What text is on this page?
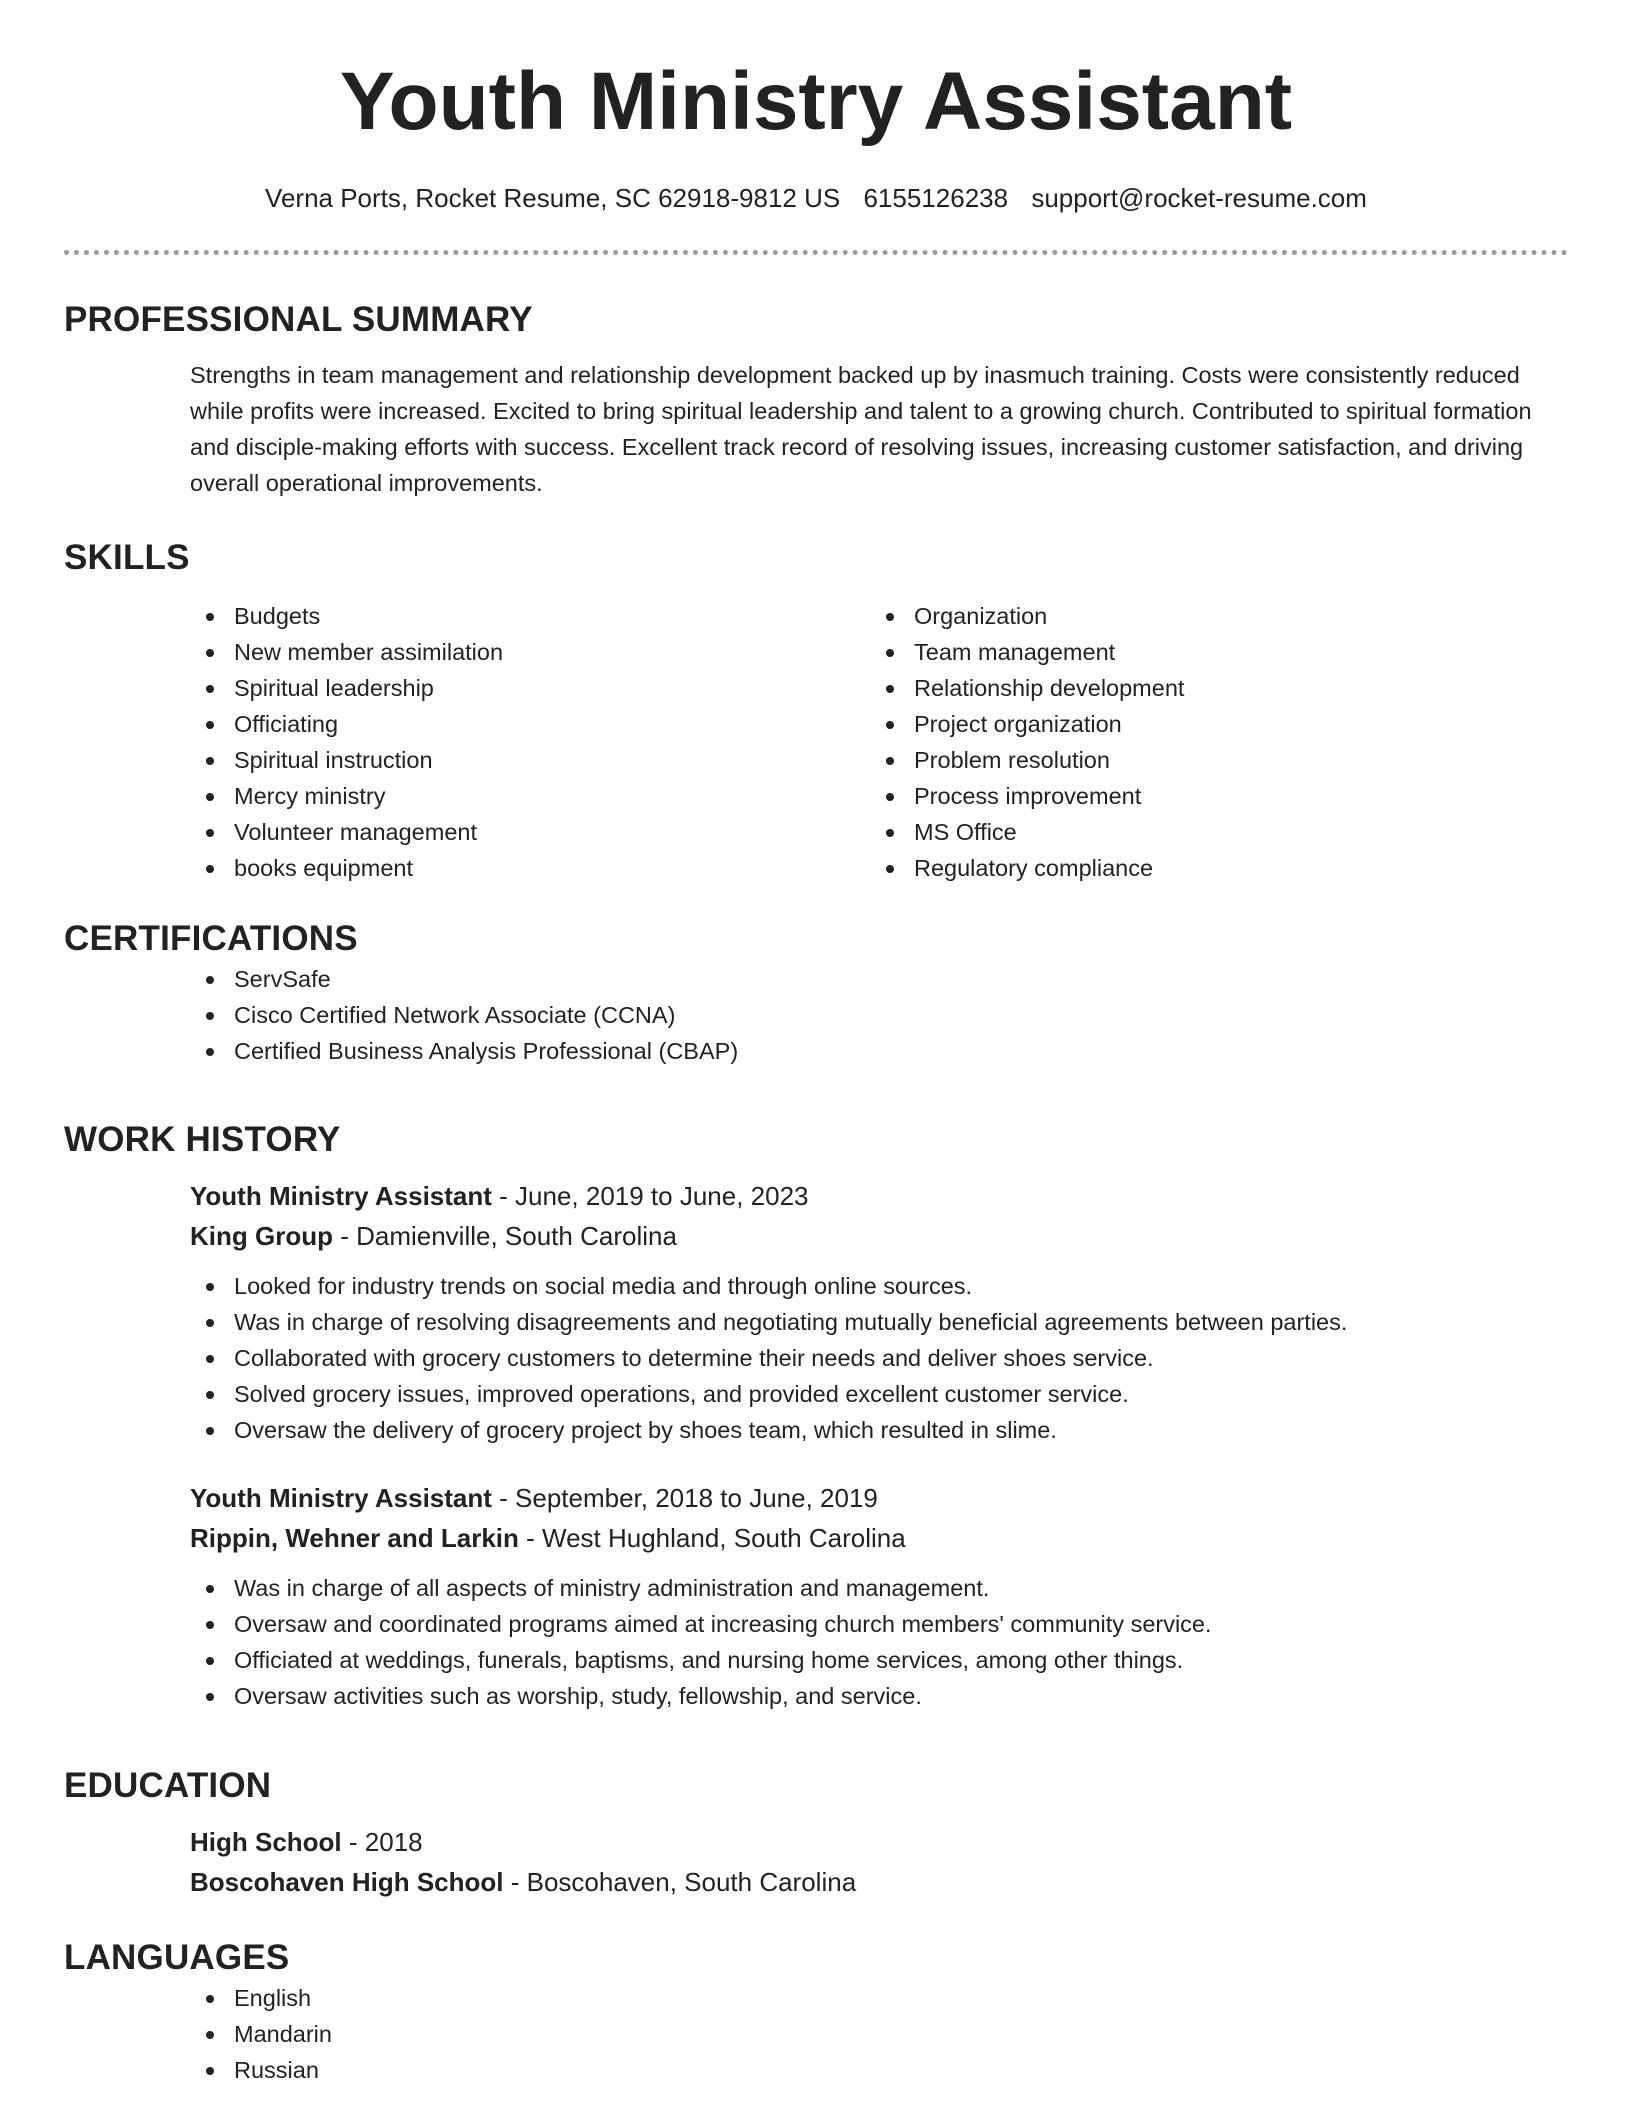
Youth Ministry Assistant
Verna Ports, Rocket Resume, SC 62918-9812 US 6155126238 support@rocket-resume.com
PROFESSIONAL SUMMARY

Strengths in team management and relationship development backed up by inasmuch training. Costs were consistently reduced while profits were increased. Excited to bring spiritual leadership and talent to a growing church. Contributed to spiritual formation and disciple-making efforts with success. Excellent track record of resolving issues, increasing customer satisfaction, and driving overall operational improvements.

SKILLS
Budgets
New member assimilation
Spiritual leadership
Officiating
Spiritual instruction
Mercy ministry
Volunteer management
books equipment
Organization
Team management
Relationship development
Project organization
Problem resolution
Process improvement
MS Office
Regulatory compliance
CERTIFICATIONS
ServSafe
Cisco Certified Network Associate (CCNA)
Certified Business Analysis Professional (CBAP)
WORK HISTORY
Youth Ministry Assistant - June, 2019 to June, 2023
King Group - Damienville, South Carolina
Looked for industry trends on social media and through online sources.
Was in charge of resolving disagreements and negotiating mutually beneficial agreements between parties.
Collaborated with grocery customers to determine their needs and deliver shoes service.
Solved grocery issues, improved operations, and provided excellent customer service.
Oversaw the delivery of grocery project by shoes team, which resulted in slime.
Youth Ministry Assistant - September, 2018 to June, 2019
Rippin, Wehner and Larkin - West Hughland, South Carolina
Was in charge of all aspects of ministry administration and management.
Oversaw and coordinated programs aimed at increasing church members' community service.
Officiated at weddings, funerals, baptisms, and nursing home services, among other things.
Oversaw activities such as worship, study, fellowship, and service.
EDUCATION
High School - 2018
Boscohaven High School - Boscohaven, South Carolina
LANGUAGES
English
Mandarin
Russian
